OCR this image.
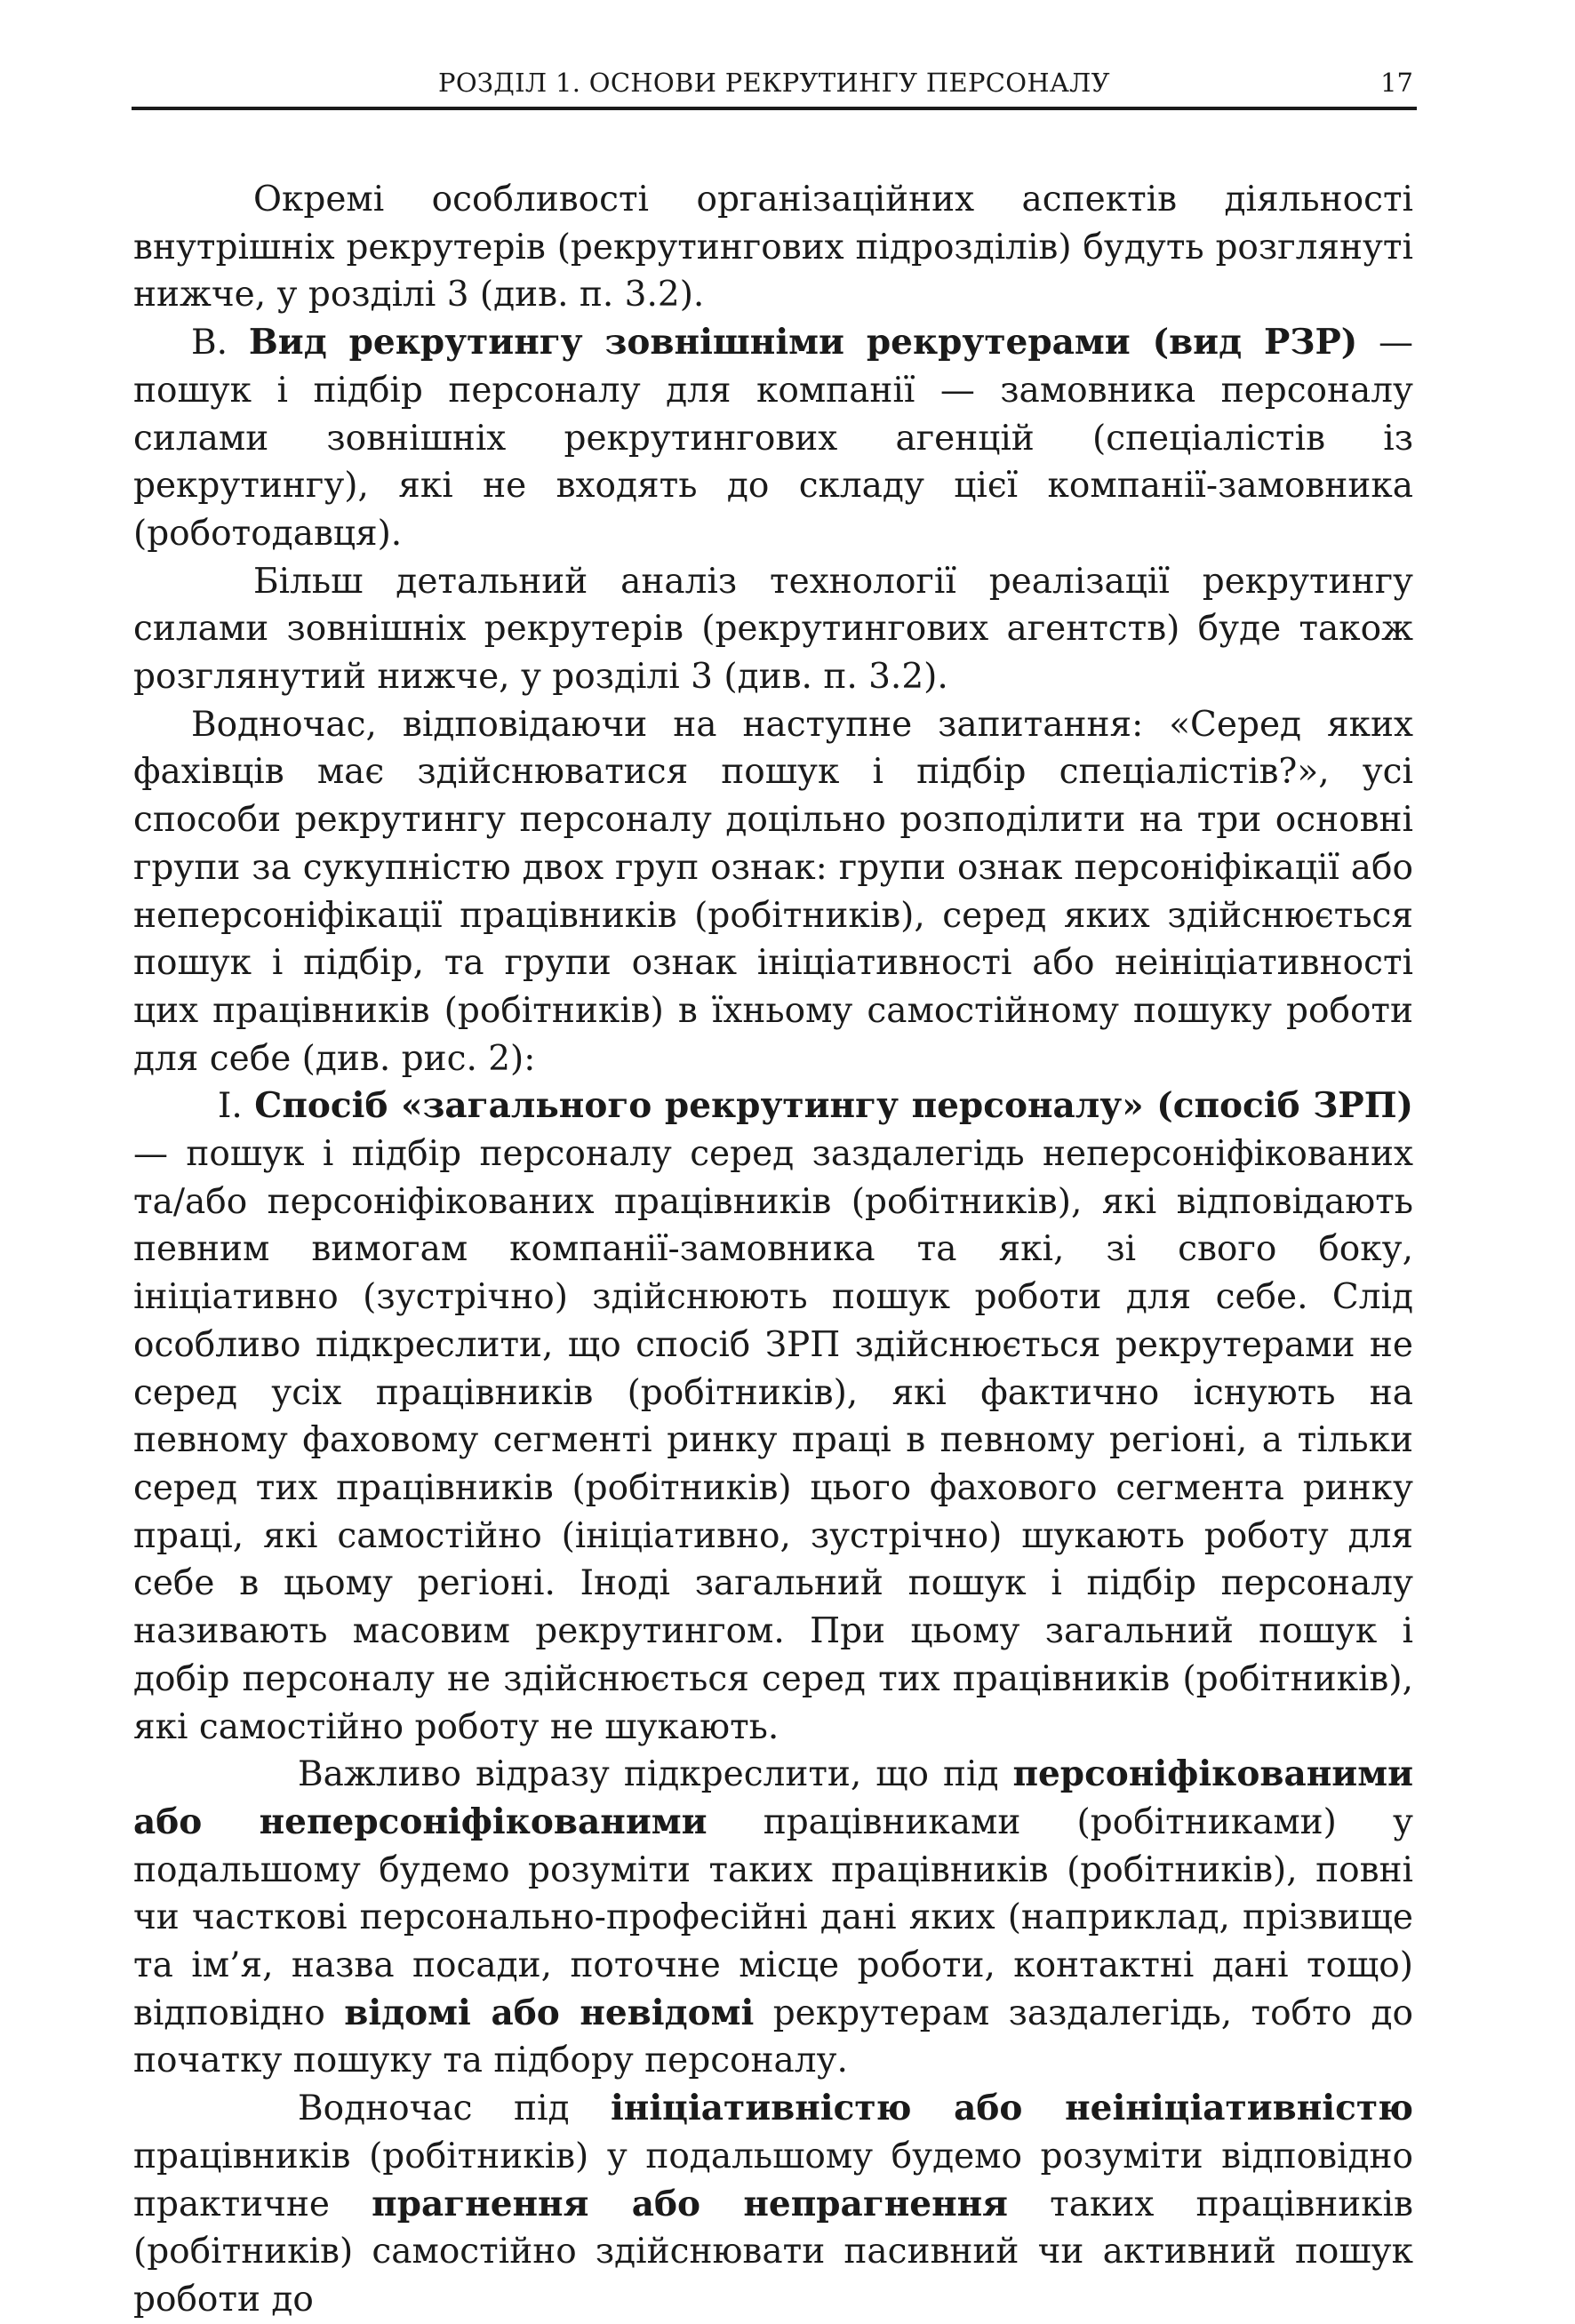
РОЗДІЛ 1. ОСНОВИ РЕКРУТИНГУ ПЕРСОНАЛУ	17

Окремі особливості організаційних аспектів діяльності внутрішніх рекрутерів (рекрутингових підрозділів) будуть розглянуті нижче, у розділі 3 (див. п. 3.2).

В. Вид рекрутингу зовнішніми рекрутерами (вид РЗР) — пошук і підбір персоналу для компанії — замовника персоналу силами зовнішніх рекрутингових агенцій (спеціалістів із рекрутингу), які не входять до складу цієї компанії-замовника (роботодавця).

Більш детальний аналіз технології реалізації рекрутингу силами зовнішніх рекрутерів (рекрутингових агентств) буде також розглянутий нижче, у розділі 3 (див. п. 3.2).

Водночас, відповідаючи на наступне запитання: «Серед яких фахівців має здійснюватися пошук і підбір спеціалістів?», усі способи рекрутингу персоналу доцільно розподілити на три основні групи за сукупністю двох груп ознак: групи ознак персоніфікації або неперсоніфікації працівників (робітників), серед яких здійснюється пошук і підбір, та групи ознак ініціативності або неініціативності цих працівників (робітників) в їхньому самостійному пошуку роботи для себе (див. рис. 2):

І. Спосіб «загального рекрутингу персоналу» (спосіб ЗРП) — пошук і підбір персоналу серед заздалегідь неперсоніфікованих та/або персоніфікованих працівників (робітників), які відповідають певним вимогам компанії-замовника та які, зі свого боку, ініціативно (зустрічно) здійснюють пошук роботи для себе. Слід особливо підкреслити, що спосіб ЗРП здійснюється рекрутерами не серед усіх працівників (робітників), які фактично існують на певному фаховому сегменті ринку праці в певному регіоні, а тільки серед тих працівників (робітників) цього фахового сегмента ринку праці, які самостійно (ініціативно, зустрічно) шукають роботу для себе в цьому регіоні. Іноді загальний пошук і підбір персоналу називають масовим рекрутингом. При цьому загальний пошук і добір персоналу не здійснюється серед тих працівників (робітників), які самостійно роботу не шукають.

Важливо відразу підкреслити, що під персоніфікованими або неперсоніфікованими працівниками (робітниками) у подальшому будемо розуміти таких працівників (робітників), повні чи часткові персонально-професійні дані яких (наприклад, прізвище та ім’я, назва посади, поточне місце роботи, контактні дані тощо) відповідно відомі або невідомі рекрутерам заздалегідь, тобто до початку пошуку та підбору персоналу.

Водночас під ініціативністю або неініціативністю працівників (робітників) у подальшому будемо розуміти відповідно практичне прагнення або непрагнення таких працівників (робітників) самостійно здійснювати пасивний чи активний пошук роботи до
